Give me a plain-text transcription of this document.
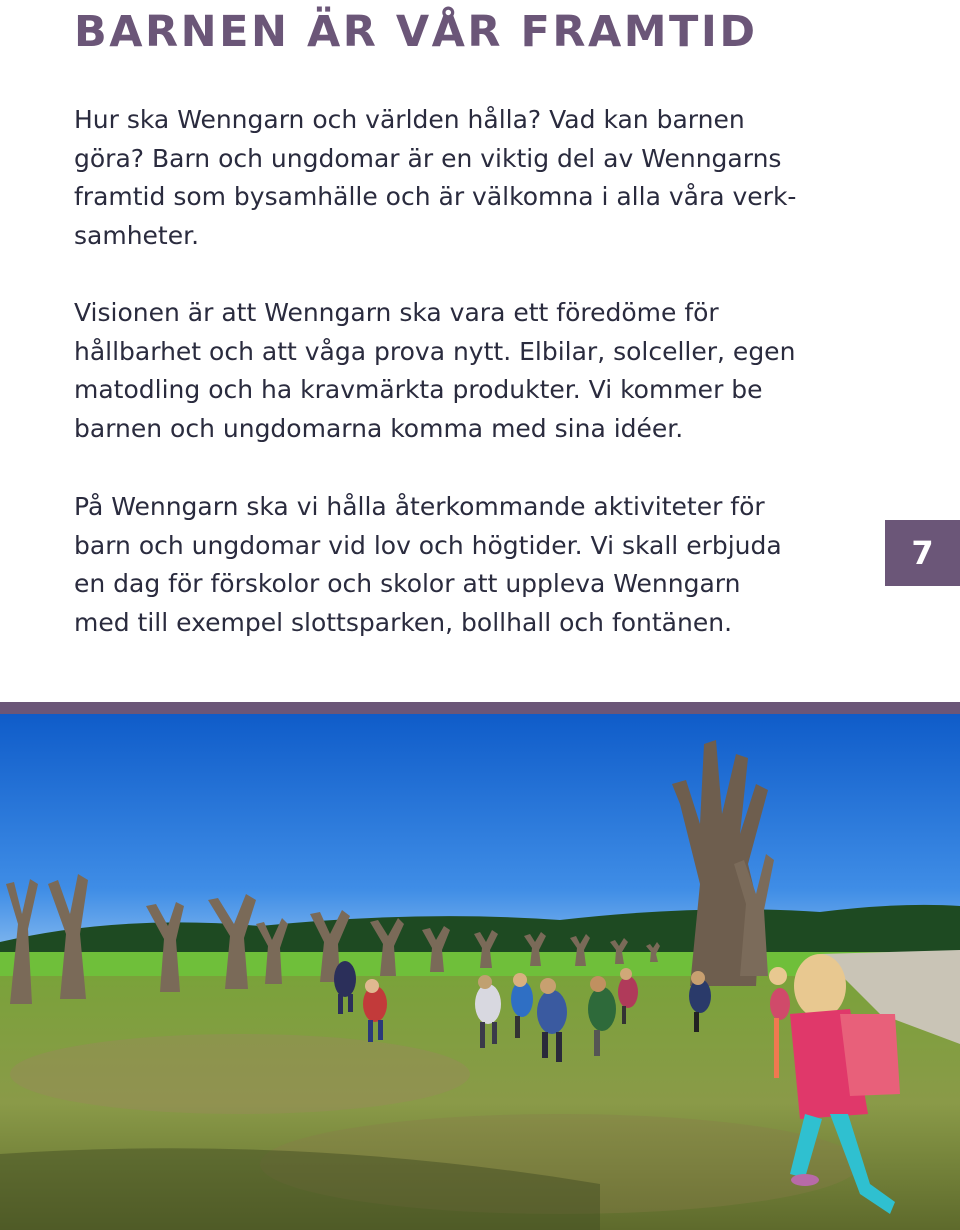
BARNEN ÄR VÅR FRAMTID
Hur ska Wenngarn och världen hålla? Vad kan barnen
göra? Barn och ungdomar är en viktig del av Wenngarns
framtid som bysamhälle och är välkomna i alla våra verk-
samheter.
Visionen är att Wenngarn ska vara ett föredöme för
hållbarhet och att våga prova nytt. Elbilar, solceller, egen
matodling och ha kravmärkta produkter. Vi kommer be
barnen och ungdomarna komma med sina idéer.
På Wenngarn ska vi hålla återkommande aktiviteter för
barn och ungdomar vid lov och högtider. Vi skall erbjuda
en dag för förskolor och skolor att uppleva Wenngarn
med till exempel slottsparken, bollhall och fontänen.
7
